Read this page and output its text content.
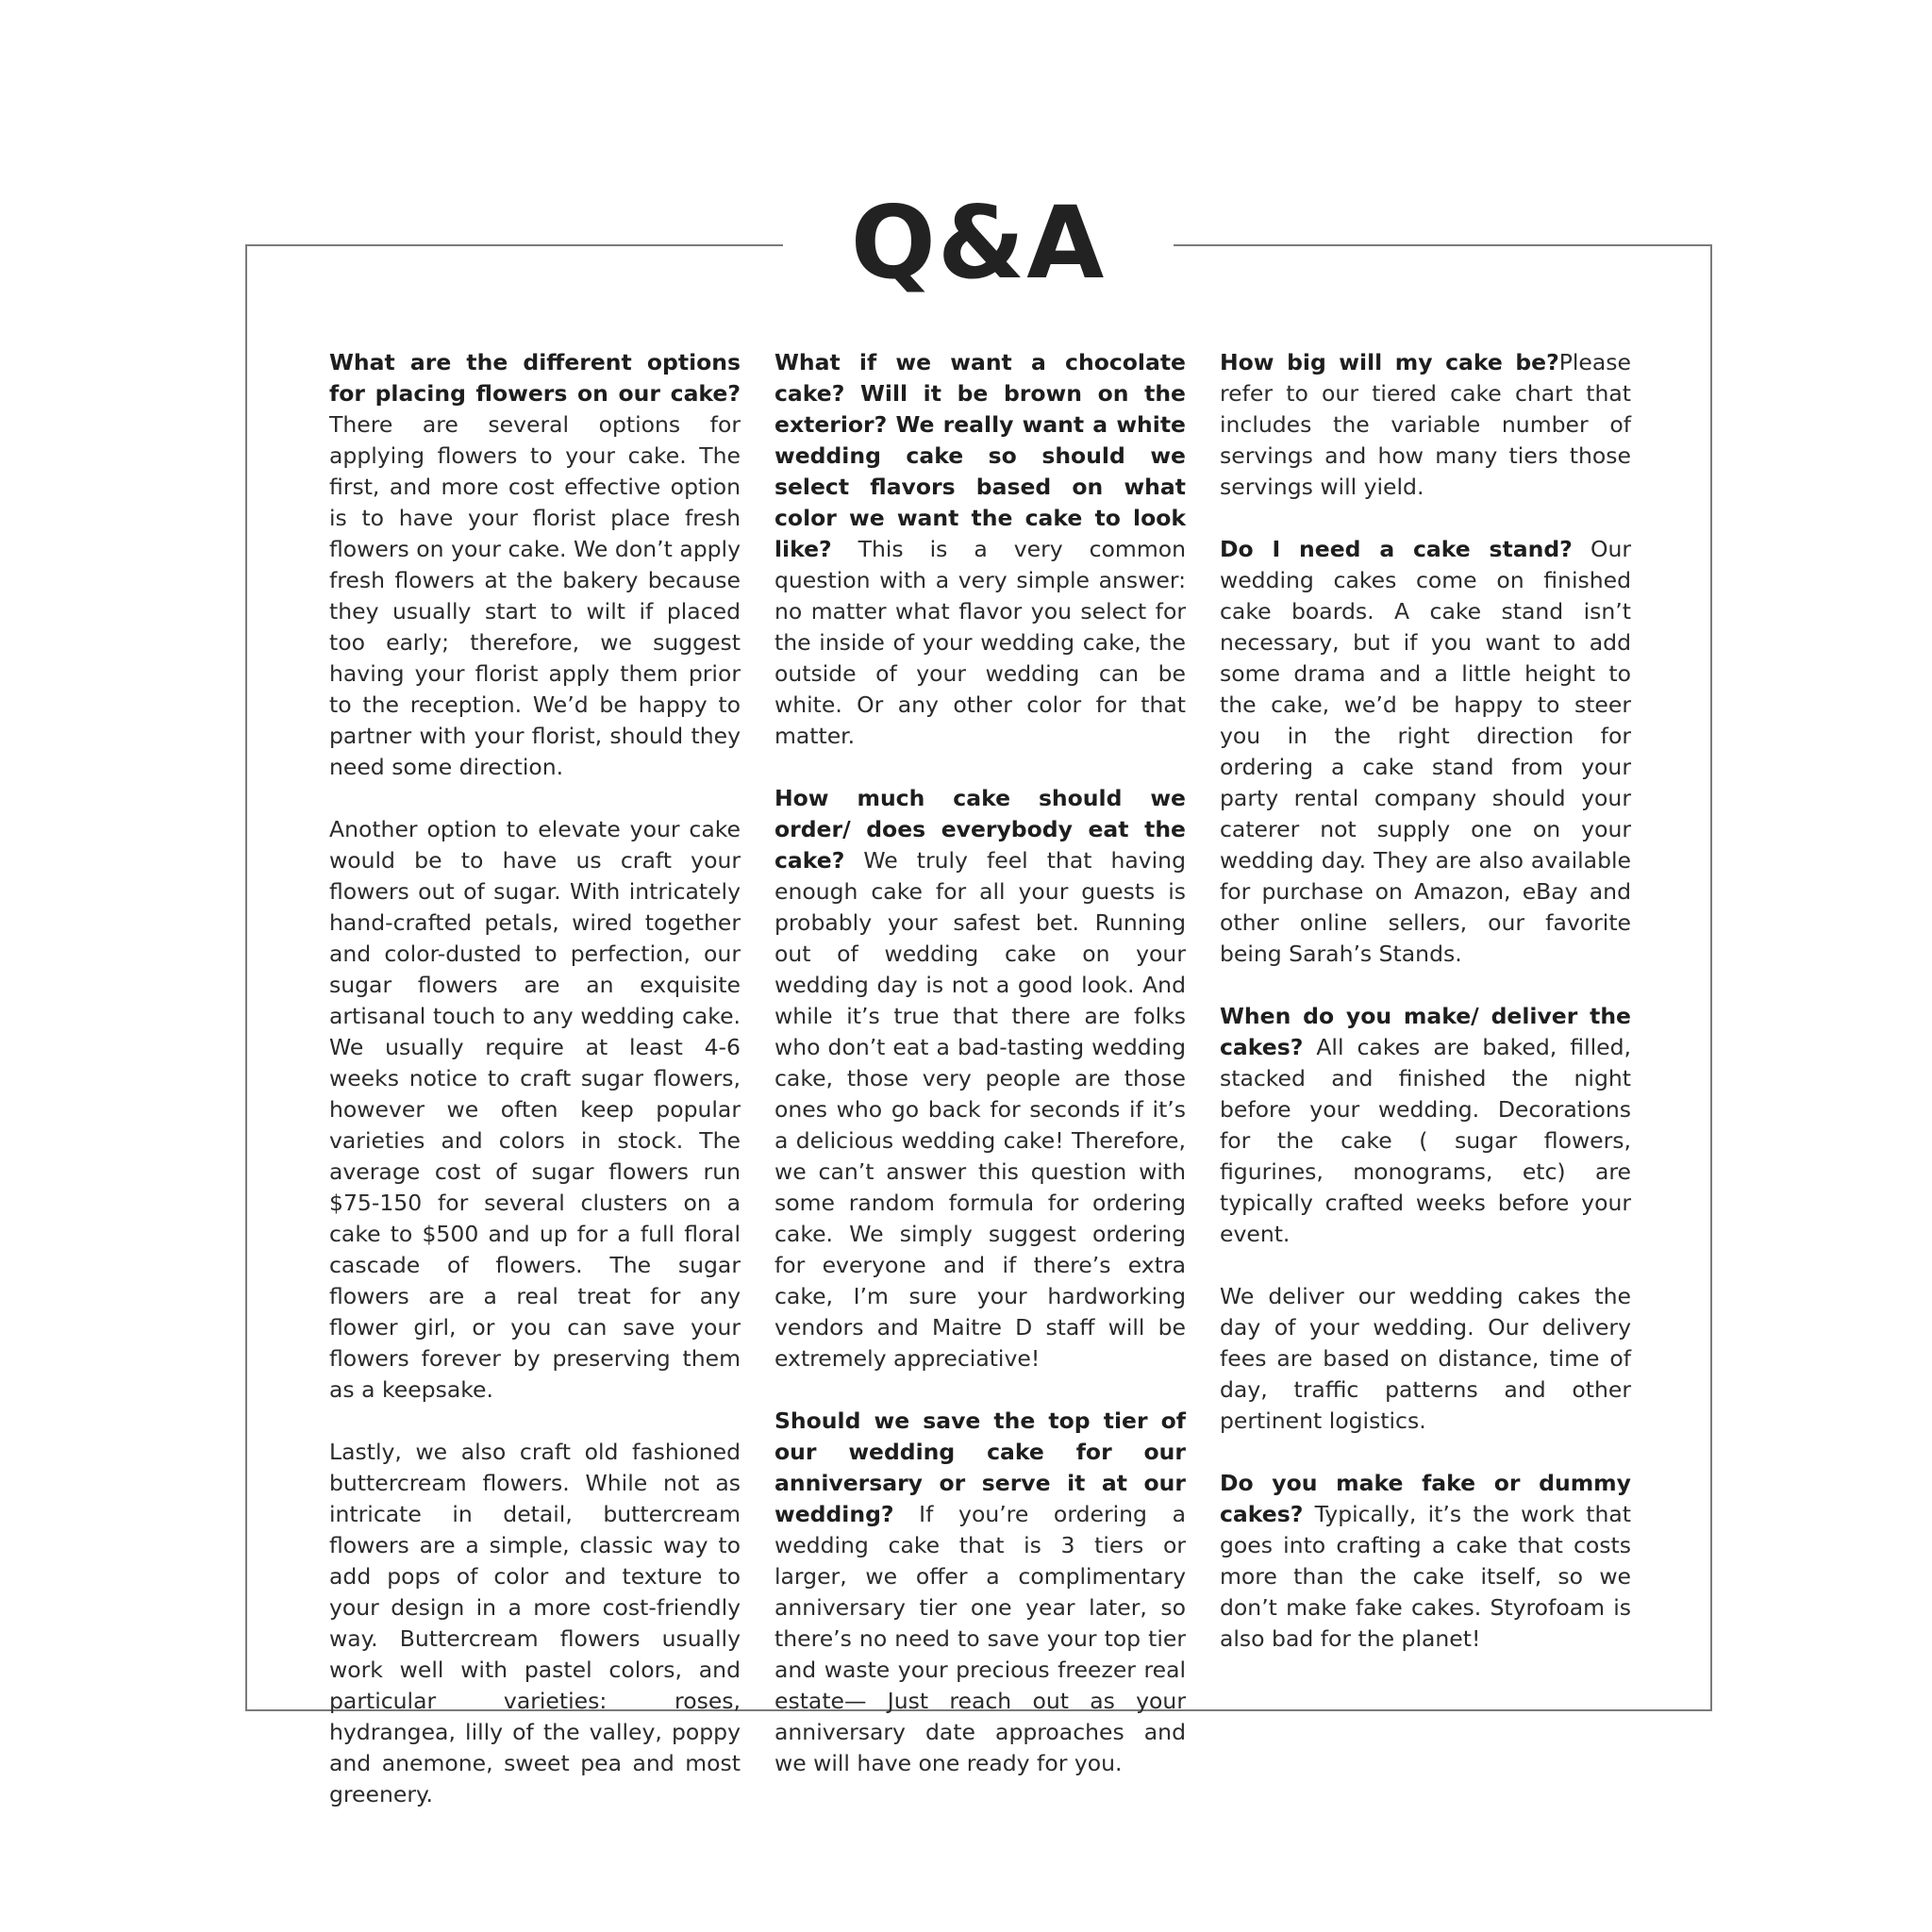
Q&A

What are the different options for placing flowers on our cake? There are several options for applying flowers to your cake. The first, and more cost effective option is to have your florist place fresh flowers on your cake. We don’t apply fresh flowers at the bakery because they usually start to wilt if placed too early; therefore, we suggest having your florist apply them prior to the reception. We’d be happy to partner with your florist, should they need some direction.

Another option to elevate your cake would be to have us craft your flowers out of sugar. With intricately hand-crafted petals, wired together and color-dusted to perfection, our sugar flowers are an exquisite artisanal touch to any wedding cake. We usually require at least 4-6 weeks notice to craft sugar flowers, however we often keep popular varieties and colors in stock. The average cost of sugar flowers run $75-150 for several clusters on a cake to $500 and up for a full floral cascade of flowers. The sugar flowers are a real treat for any flower girl, or you can save your flowers forever by preserving them as a keepsake.

Lastly, we also craft old fashioned buttercream flowers. While not as intricate in detail, buttercream flowers are a simple, classic way to add pops of color and texture to your design in a more cost-friendly way. Buttercream flowers usually work well with pastel colors, and particular varieties: roses, hydrangea, lilly of the valley, poppy and anemone, sweet pea and most greenery.

What if we want a chocolate cake? Will it be brown on the exterior? We really want a white wedding cake so should we select flavors based on what color we want the cake to look like? This is a very common question with a very simple answer: no matter what flavor you select for the inside of your wedding cake, the outside of your wedding can be white. Or any other color for that matter.

How much cake should we order/ does everybody eat the cake? We truly feel that having enough cake for all your guests is probably your safest bet. Running out of wedding cake on your wedding day is not a good look. And while it’s true that there are folks who don’t eat a bad-tasting wedding cake, those very people are those ones who go back for seconds if it’s a delicious wedding cake! Therefore, we can’t answer this question with some random formula for ordering cake. We simply suggest ordering for everyone and if there’s extra cake, I’m sure your hardworking vendors and Maitre D staff will be extremely appreciative!

Should we save the top tier of our wedding cake for our anniversary or serve it at our wedding? If you’re ordering a wedding cake that is 3 tiers or larger, we offer a complimentary anniversary tier one year later, so there’s no need to save your top tier and waste your precious freezer real estate— Just reach out as your anniversary date approaches and we will have one ready for you.

How big will my cake be?Please refer to our tiered cake chart that includes the variable number of servings and how many tiers those servings will yield.

Do I need a cake stand? Our wedding cakes come on finished cake boards. A cake stand isn’t necessary, but if you want to add some drama and a little height to the cake, we’d be happy to steer you in the right direction for ordering a cake stand from your party rental company should your caterer not supply one on your wedding day. They are also available for purchase on Amazon, eBay and other online sellers, our favorite being Sarah’s Stands.

When do you make/ deliver the cakes? All cakes are baked, filled, stacked and finished the night before your wedding. Decorations for the cake ( sugar flowers, figurines, monograms, etc) are typically crafted weeks before your event.

We deliver our wedding cakes the day of your wedding. Our delivery fees are based on distance, time of day, traffic patterns and other pertinent logistics.

Do you make fake or dummy cakes? Typically, it’s the work that goes into crafting a cake that costs more than the cake itself, so we don’t make fake cakes. Styrofoam is also bad for the planet!
